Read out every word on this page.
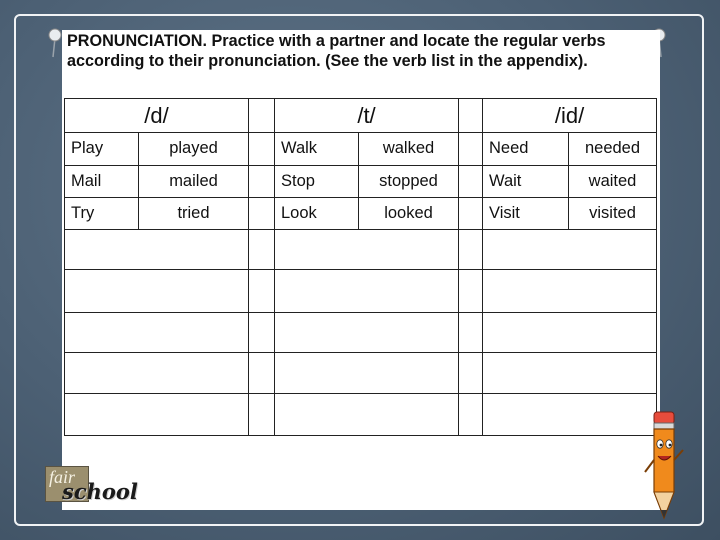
PRONUNCIATION. Practice with a partner and locate the regular verbs according to their pronunciation. (See the verb list in the appendix).
/d/			/t/			/id/	
Play	played		Walk	walked		Need	needed
Mail	mailed		Stop	stopped		Wait	waited
Try	tried		Look	looked		Visit	visited

fair
school
